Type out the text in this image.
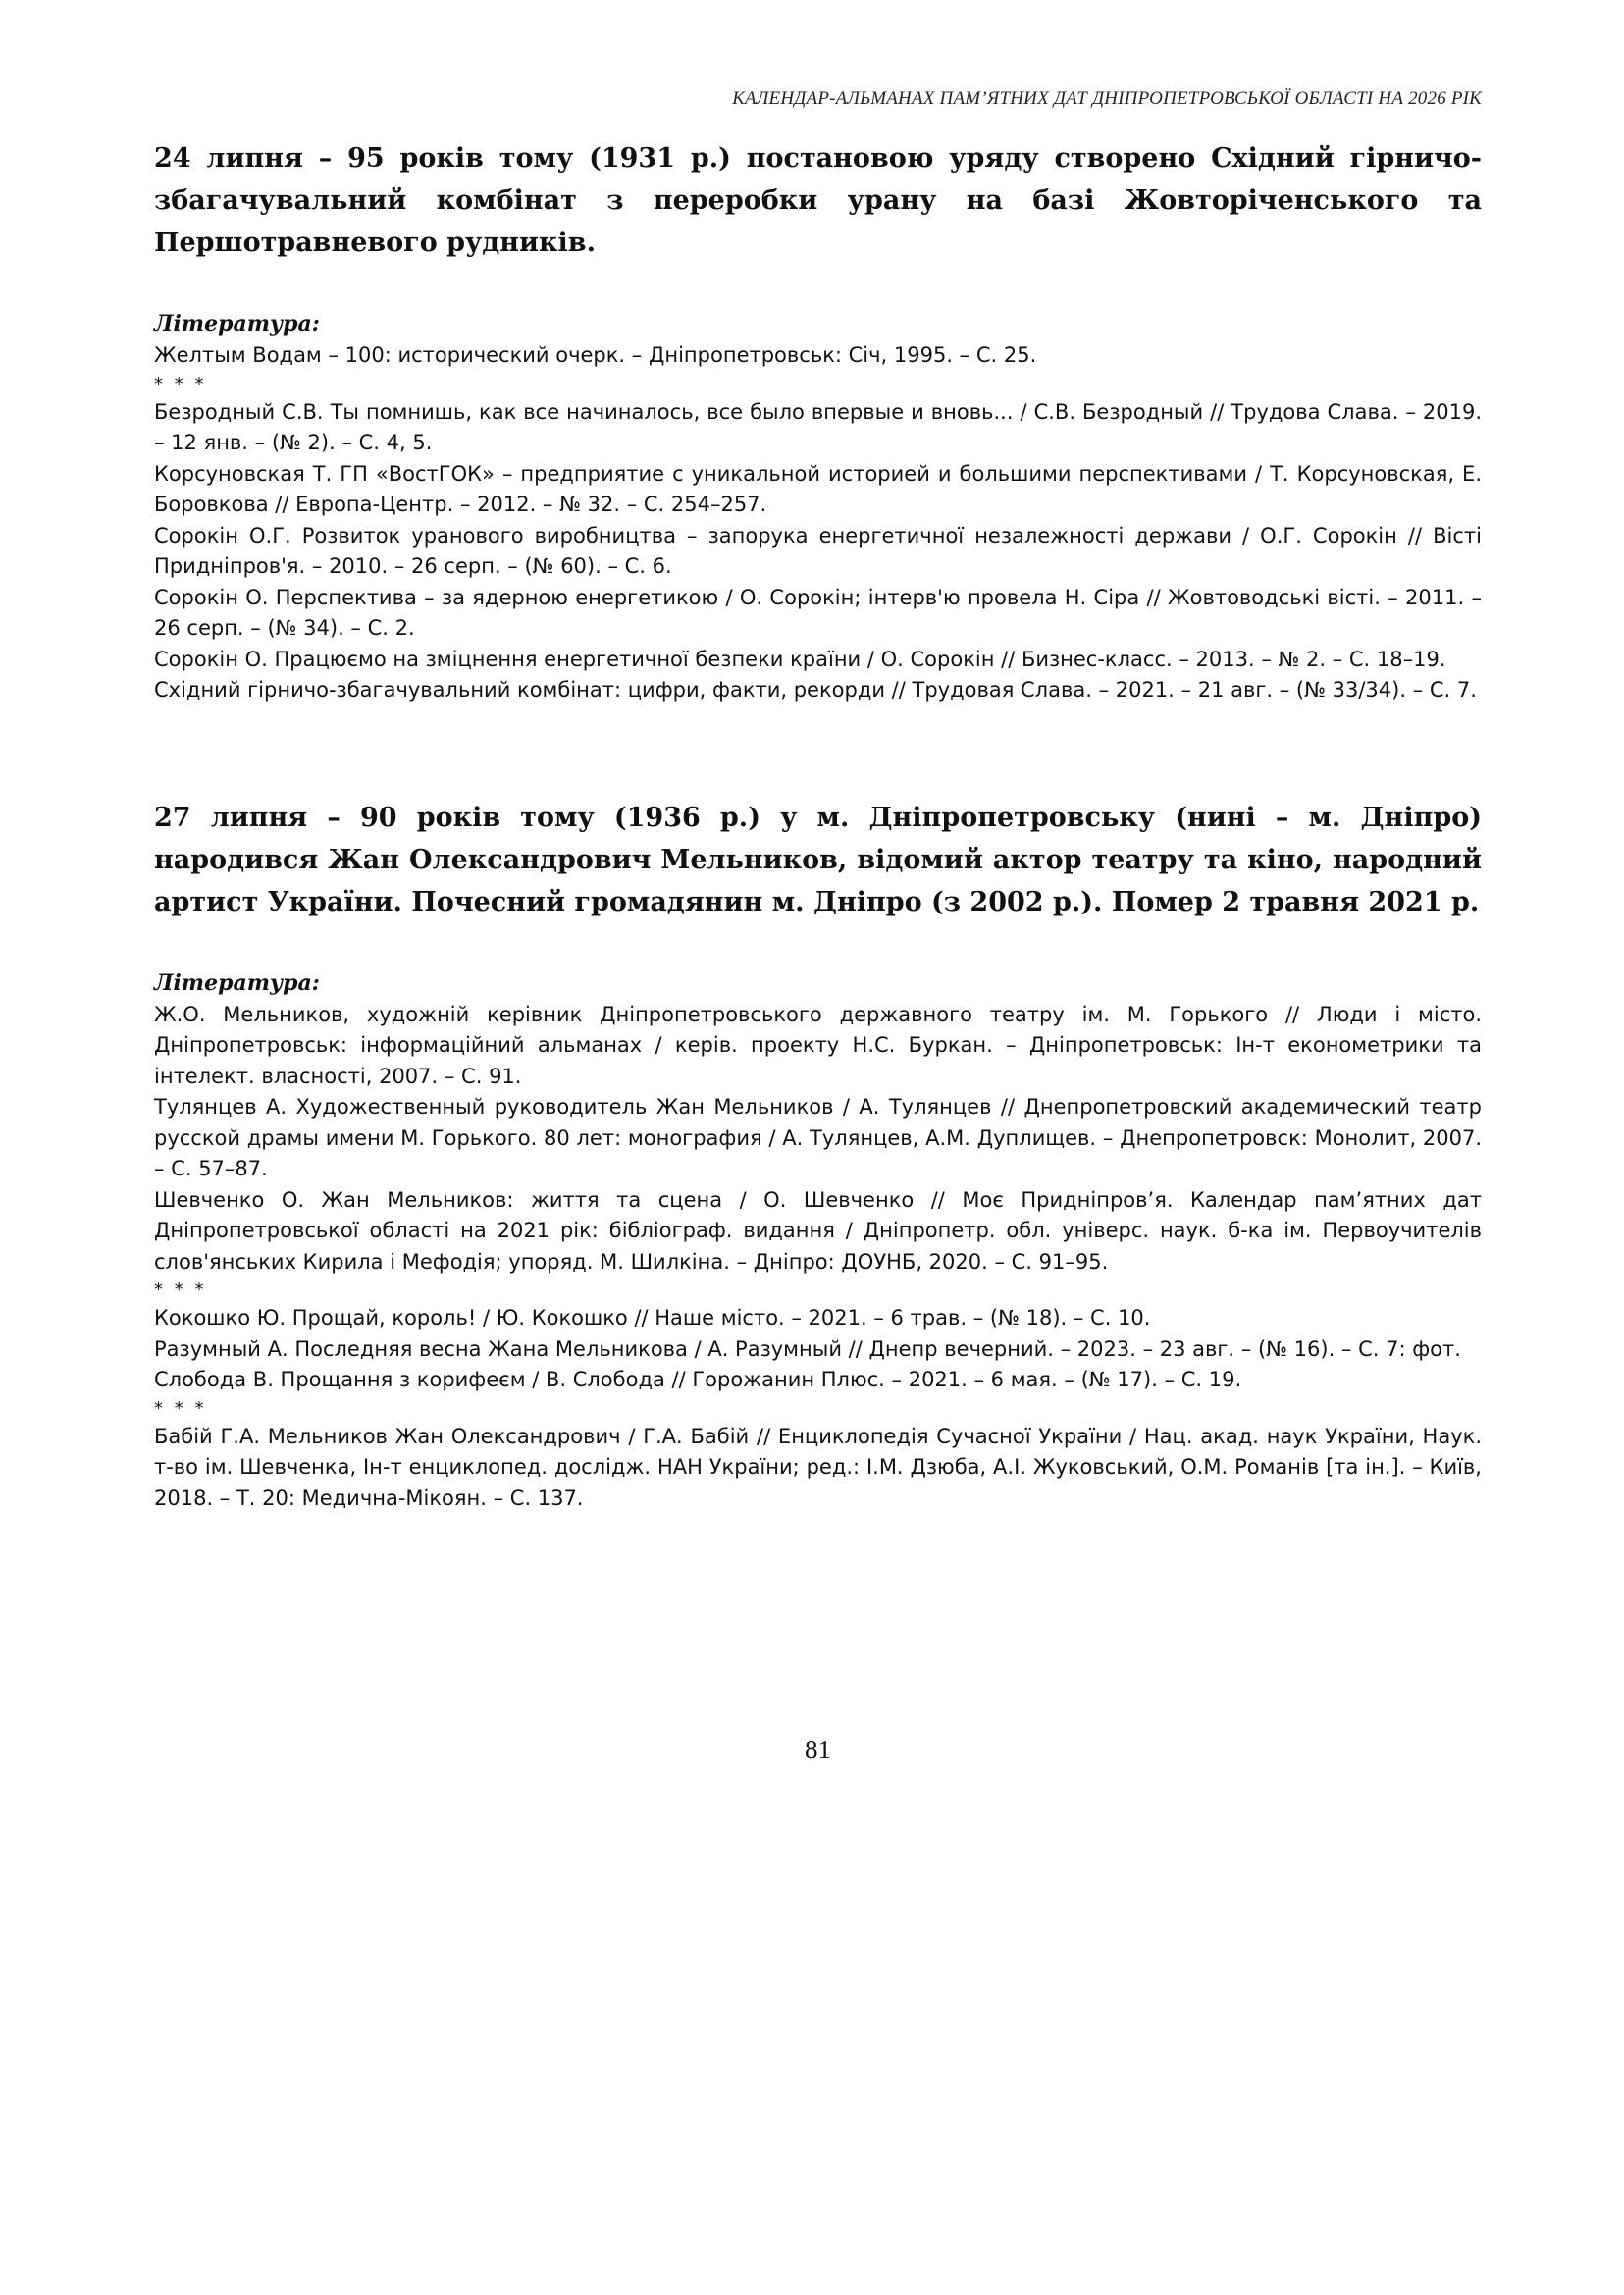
КАЛЕНДАР-АЛЬМАНАХ ПАМ’ЯТНИХ ДАТ ДНІПРОПЕТРОВСЬКОЇ ОБЛАСТІ НА 2026 РІК
24 липня – 95 років тому (1931 р.) постановою уряду створено Східний гірничо-збагачувальний комбінат з переробки урану на базі Жовторіченського та Першотравневого рудників.
Література:
Желтым Водам – 100: исторический очерк. – Дніпропетровськ: Січ, 1995. – С. 25.
* * *
Безродный С.В. Ты помнишь, как все начиналось, все было впервые и вновь... / С.В. Безродный // Трудова Слава. – 2019. – 12 янв. – (№ 2). – С. 4, 5.
Корсуновская Т. ГП «ВостГОК» – предприятие с уникальной историей и большими перспективами / Т. Корсуновская, Е. Боровкова // Европа-Центр. – 2012. – № 32. – С. 254–257.
Сорокін О.Г. Розвиток уранового виробництва – запорука енергетичної незалежності держави / О.Г. Сорокін // Вісті Придніпров'я. – 2010. – 26 серп. – (№ 60). – С. 6.
Сорокін О. Перспектива – за ядерною енергетикою / О. Сорокін; інтерв'ю провела Н. Сіра // Жовтоводські вісті. – 2011. – 26 серп. – (№ 34). – С. 2.
Сорокін О. Працюємо на зміцнення енергетичної безпеки країни / О. Сорокін // Бизнес-класс. – 2013. – № 2. – С. 18–19.
Східний гірничо-збагачувальний комбінат: цифри, факти, рекорди // Трудовая Слава. – 2021. – 21 авг. – (№ 33/34). – С. 7.
27 липня – 90 років тому (1936 р.) у м. Дніпропетровську (нині – м. Дніпро) народився Жан Олександрович Мельников, відомий актор театру та кіно, народний артист України. Почесний громадянин м. Дніпро (з 2002 р.). Помер 2 травня 2021 р.
Література:
Ж.О. Мельников, художній керівник Дніпропетровського державного театру ім. М. Горького // Люди і місто. Дніпропетровськ: інформаційний альманах / керів. проекту Н.С. Буркан. – Дніпропетровськ: Ін-т економетрики та інтелект. власності, 2007. – С. 91.
Тулянцев А. Художественный руководитель Жан Мельников / А. Тулянцев // Днепропетровский академический театр русской драмы имени М. Горького. 80 лет: монография / А. Тулянцев, А.М. Дуплищев. – Днепропетровск: Монолит, 2007. – С. 57–87.
Шевченко О. Жан Мельников: життя та сцена / О. Шевченко // Моє Придніпров’я. Календар пам’ятних дат Дніпропетровської області на 2021 рік: бібліограф. видання / Дніпропетр. обл. універс. наук. б-ка ім. Первоучителів слов'янських Кирила і Мефодія; упоряд. М. Шилкіна. – Дніпро: ДОУНБ, 2020. – С. 91–95.
* * *
Кокошко Ю. Прощай, король! / Ю. Кокошко // Наше місто. – 2021. – 6 трав. – (№ 18). – С. 10.
Разумный А. Последняя весна Жана Мельникова / А. Разумный // Днепр вечерний. – 2023. – 23 авг. – (№ 16). – С. 7: фот.
Слобода В. Прощання з корифеєм / В. Слобода // Горожанин Плюс. – 2021. – 6 мая. – (№ 17). – С. 19.
* * *
Бабій Г.А. Мельников Жан Олександрович / Г.А. Бабій // Енциклопедія Сучасної України / Нац. акад. наук України, Наук. т-во ім. Шевченка, Ін-т енциклопед. дослідж. НАН України; ред.: І.М. Дзюба, А.І. Жуковський, О.М. Романів [та ін.]. – Київ, 2018. – Т. 20: Медична-Мікоян. – С. 137.
81
